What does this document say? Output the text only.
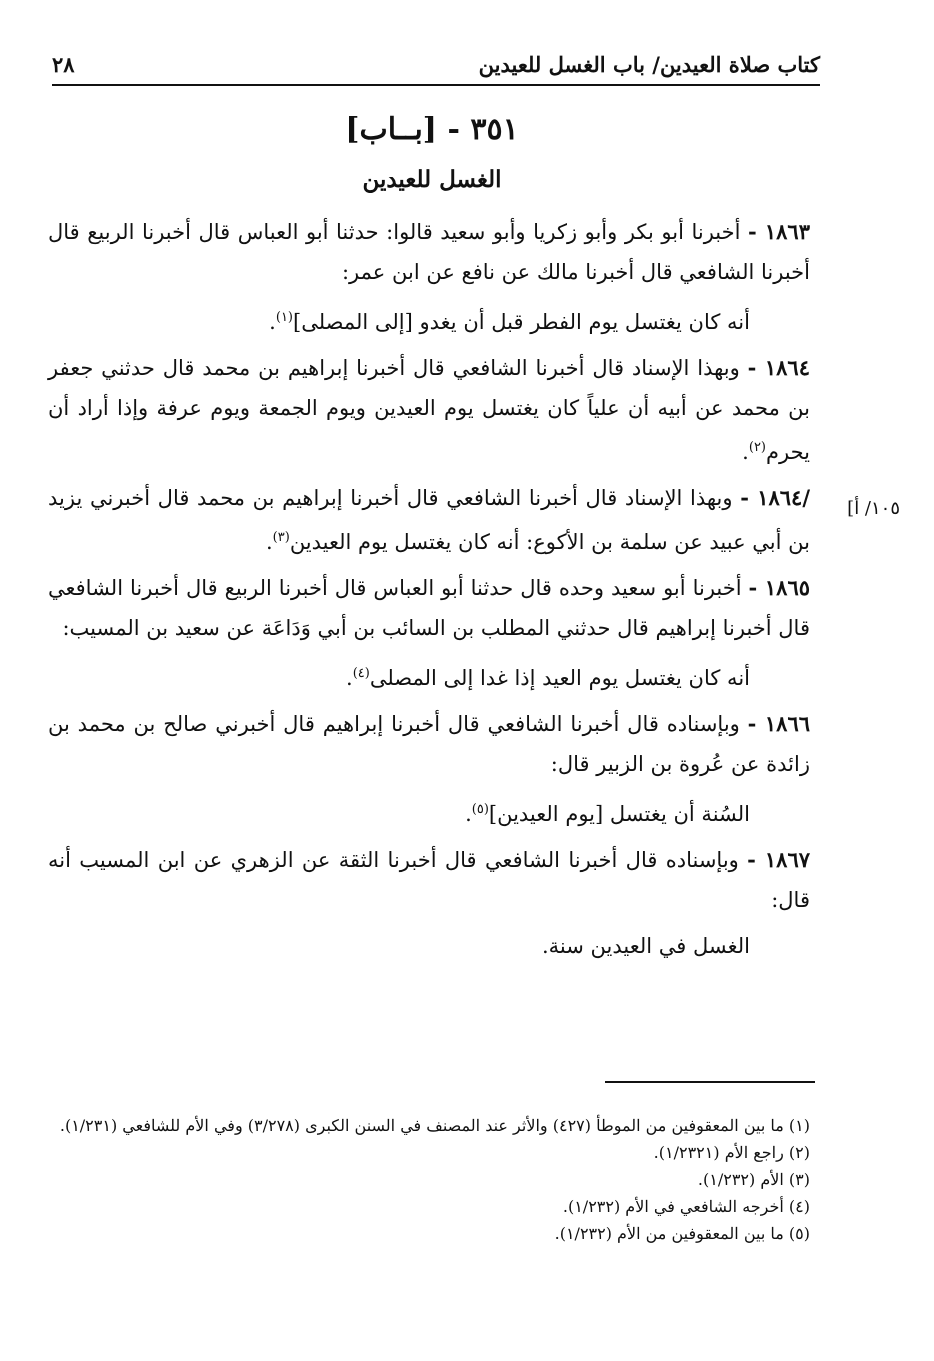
كتاب صلاة العيدين/ باب الغسل للعيدين
٢٨
٣٥١ - [بــاب]
الغسل للعيدين
١٠٥/ أ]

١٨٦٣ - أخبرنا أبو بكر وأبو زكريا وأبو سعيد قالوا: حدثنا أبو العباس قال أخبرنا الربيع قال أخبرنا الشافعي قال أخبرنا مالك عن نافع عن ابن عمر:

أنه كان يغتسل يوم الفطر قبل أن يغدو [إلى المصلى]$^{(١)}$.

١٨٦٤ - وبهذا الإسناد قال أخبرنا الشافعي قال أخبرنا إبراهيم بن محمد قال حدثني جعفر بن محمد عن أبيه أن علياً كان يغتسل يوم العيدين ويوم الجمعة ويوم عرفة وإذا أراد أن يحرم$^{(٢)}$.

/١٨٦٤ - وبهذا الإسناد قال أخبرنا الشافعي قال أخبرنا إبراهيم بن محمد قال أخبرني يزيد بن أبي عبيد عن سلمة بن الأكوع: أنه كان يغتسل يوم العيدين$^{(٣)}$.

١٨٦٥ - أخبرنا أبو سعيد وحده قال حدثنا أبو العباس قال أخبرنا الربيع قال أخبرنا الشافعي قال أخبرنا إبراهيم قال حدثني المطلب بن السائب بن أبي وَدَاعَة عن سعيد بن المسيب:

أنه كان يغتسل يوم العيد إذا غدا إلى المصلى$^{(٤)}$.

١٨٦٦ - وبإسناده قال أخبرنا الشافعي قال أخبرنا إبراهيم قال أخبرني صالح بن محمد بن زائدة عن عُروة بن الزبير قال:

السُنة أن يغتسل [يوم العيدين]$^{(٥)}$.

١٨٦٧ - وبإسناده قال أخبرنا الشافعي قال أخبرنا الثقة عن الزهري عن ابن المسيب أنه قال:

الغسل في العيدين سنة.

(١) ما بين المعقوفين من الموطأ (٤٢٧) والأثر عند المصنف في السنن الكبرى (٣/٢٧٨) وفي الأم للشافعي (١/٢٣١).

(٢) راجع الأم (١/٢٣٢١).

(٣) الأم (١/٢٣٢).

(٤) أخرجه الشافعي في الأم (١/٢٣٢).

(٥) ما بين المعقوفين من الأم (١/٢٣٢).
